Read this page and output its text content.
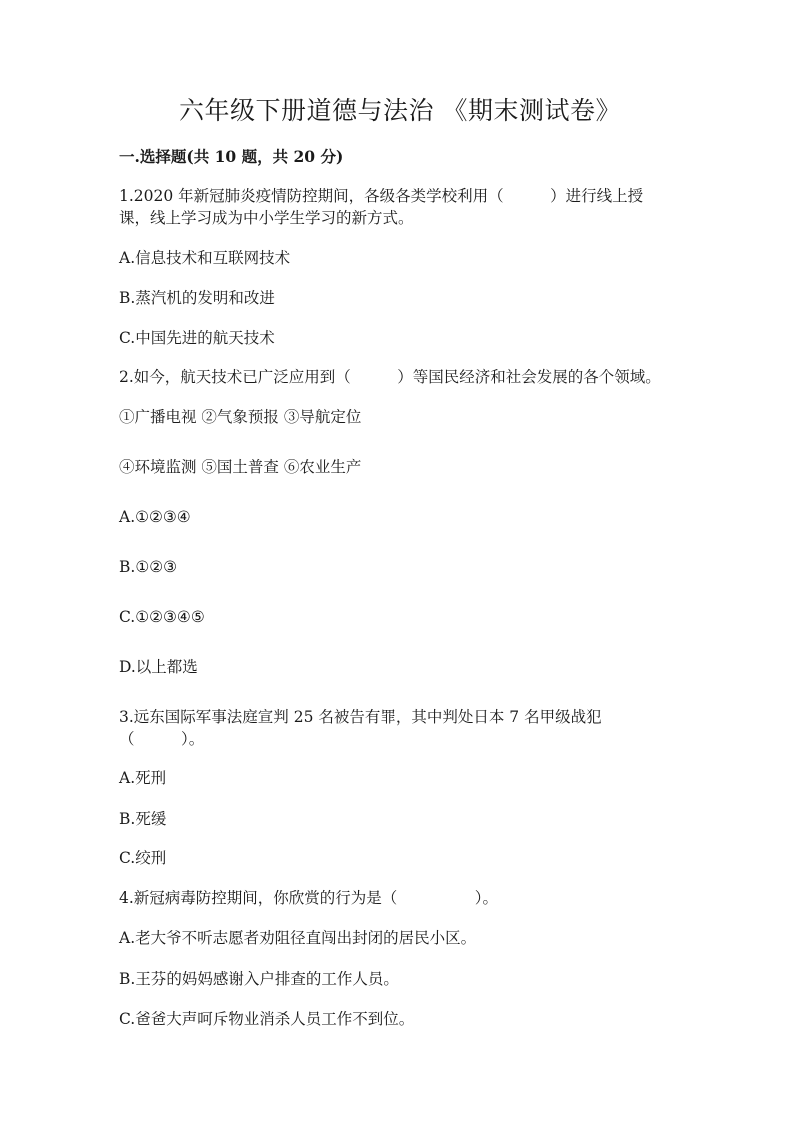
六年级下册道德与法治 《期末测试卷》
一.选择题(共 10 题，共 20 分)
1.2020 年新冠肺炎疫情防控期间，各级各类学校利用（　　　）进行线上授
课，线上学习成为中小学生学习的新方式。
A.信息技术和互联网技术
B.蒸汽机的发明和改进
C.中国先进的航天技术
2.如今，航天技术已广泛应用到（　　　）等国民经济和社会发展的各个领域。
①广播电视 ②气象预报 ③导航定位
④环境监测 ⑤国土普查 ⑥农业生产
A.①②③④
B.①②③
C.①②③④⑤
D.以上都选
3.远东国际军事法庭宣判 25 名被告有罪，其中判处日本 7 名甲级战犯
（　　　）。
A.死刑
B.死缓
C.绞刑
4.新冠病毒防控期间，你欣赏的行为是（　　　　　）。
A.老大爷不听志愿者劝阻径直闯出封闭的居民小区。
B.王芬的妈妈感谢入户排查的工作人员。
C.爸爸大声呵斥物业消杀人员工作不到位。
